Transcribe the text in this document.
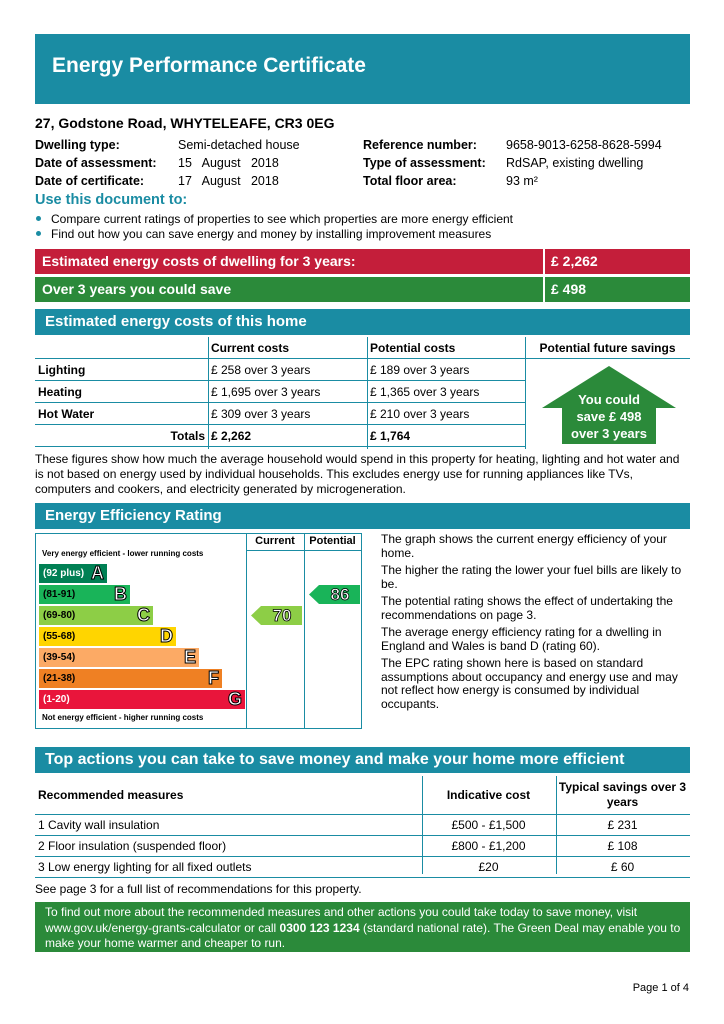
Energy Performance Certificate
27, Godstone Road, WHYTELEAFE, CR3 0EG
Dwelling type:	Semi-detached house
Date of assessment: 15   August   2018
Date of certificate:	17   August   2018
Reference number: 9658-9013-6258-8628-5994
Type of assessment: RdSAP, existing dwelling
Total floor area:	93 m²
Use this document to:
Compare current ratings of properties to see which properties are more energy efficient
Find out how you can save energy and money by installing improvement measures
Estimated energy costs of dwelling for 3 years:	£ 2,262
Over 3 years you could save	£ 498
Estimated energy costs of this home
	Current costs	Potential costs	Potential future savings
Lighting	£ 258 over 3 years	£ 189 over 3 years	
Heating	£ 1,695 over 3 years	£ 1,365 over 3 years	
Hot Water	£ 309 over 3 years	£ 210 over 3 years	
Totals	£ 2,262	£ 1,764	
You could
save £ 498
over 3 years
These figures show how much the average household would spend in this property for heating, lighting and hot water and is not based on energy used by individual households. This excludes energy use for running appliances like TVs, computers and cookers, and electricity generated by microgeneration.
Energy Efficiency Rating
Current	Potential
Very energy efficient - lower running costs
Not energy efficient - higher running costs
(92 plus) A
(81-91) B
(69-80)	C
(55-68)	D
(39-54)	E
(21-38)	F
(1-20)	G
70
86
The graph shows the current energy efficiency of your home.
The higher the rating the lower your fuel bills are likely to be.
The potential rating shows the effect of undertaking the recommendations on page 3.
The average energy efficiency rating for a dwelling in England and Wales is band D (rating 60).
The EPC rating shown here is based on standard assumptions about occupancy and energy use and may not reflect how energy is consumed by individual occupants.
Top actions you can take to save money and make your home more efficient
Recommended measures	Indicative cost	Typical savings over 3 years
1 Cavity wall insulation	£500 - £1,500	£ 231
2 Floor insulation (suspended floor)	£800 - £1,200	£ 108
3 Low energy lighting for all fixed outlets	£20	£ 60
See page 3 for a full list of recommendations for this property.
To find out more about the recommended measures and other actions you could take today to save money, visit www.gov.uk/energy-grants-calculator or call 0300 123 1234 (standard national rate). The Green Deal may enable you to make your home warmer and cheaper to run.
Page 1 of 4
